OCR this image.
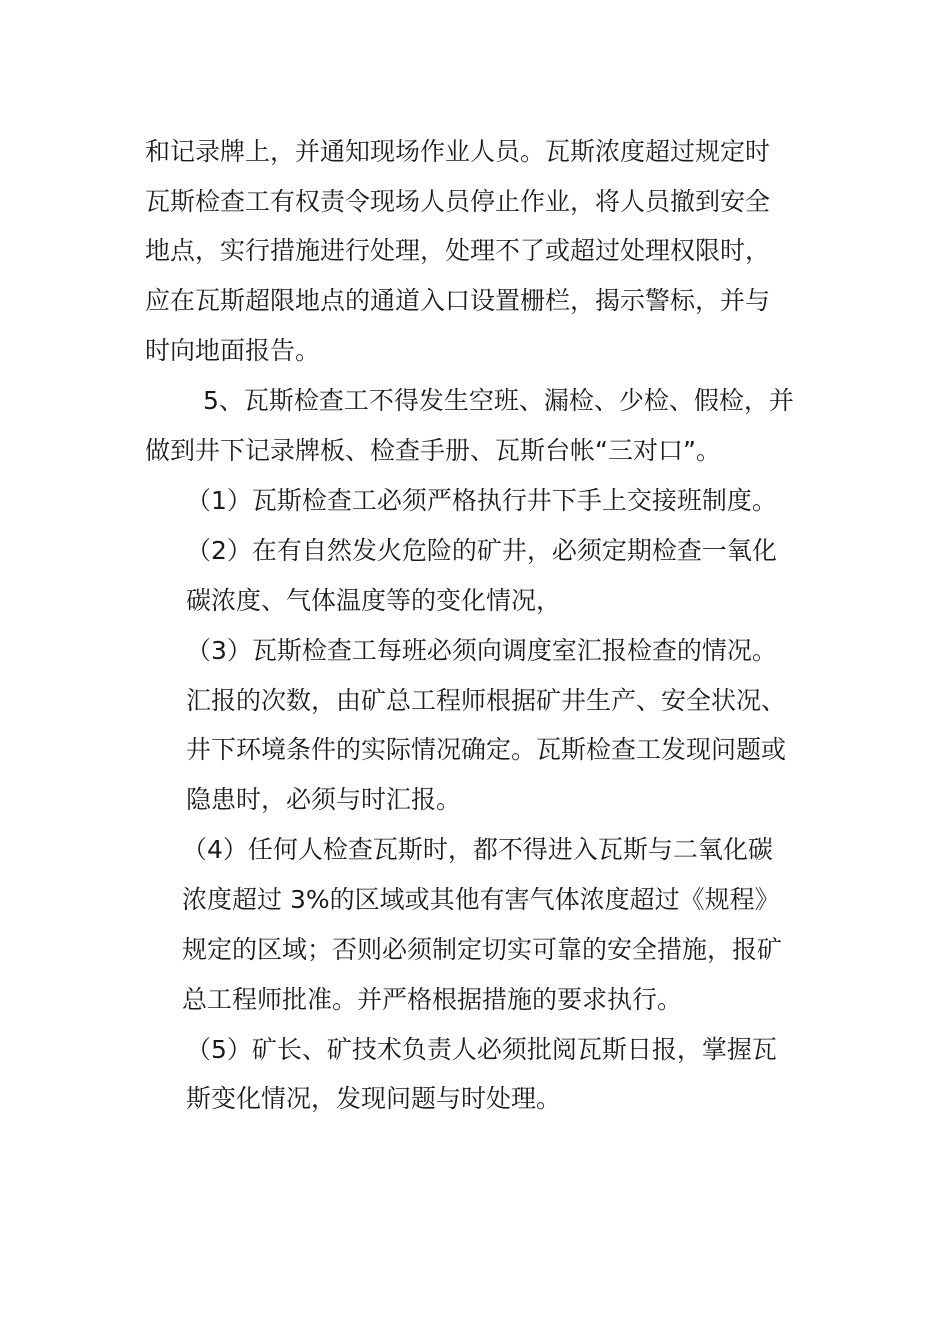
和记录牌上，并通知现场作业人员。瓦斯浓度超过规定时
瓦斯检查工有权责令现场人员停止作业，将人员撤到安全
地点，实行措施进行处理，处理不了或超过处理权限时，
应在瓦斯超限地点的通道入口设置栅栏，揭示警标，并与
时向地面报告。
5、瓦斯检查工不得发生空班、漏检、少检、假检，并
做到井下记录牌板、检查手册、瓦斯台帐“三对口”。
（1）瓦斯检查工必须严格执行井下手上交接班制度。
（2）在有自然发火危险的矿井，必须定期检查一氧化
碳浓度、气体温度等的变化情况，
（3）瓦斯检查工每班必须向调度室汇报检查的情况。
汇报的次数，由矿总工程师根据矿井生产、安全状况、
井下环境条件的实际情况确定。瓦斯检查工发现问题或
隐患时，必须与时汇报。
（4）任何人检查瓦斯时，都不得进入瓦斯与二氧化碳
浓度超过 3%的区域或其他有害气体浓度超过《规程》
规定的区域；否则必须制定切实可靠的安全措施，报矿
总工程师批准。并严格根据措施的要求执行。
（5）矿长、矿技术负责人必须批阅瓦斯日报，掌握瓦
斯变化情况，发现问题与时处理。
